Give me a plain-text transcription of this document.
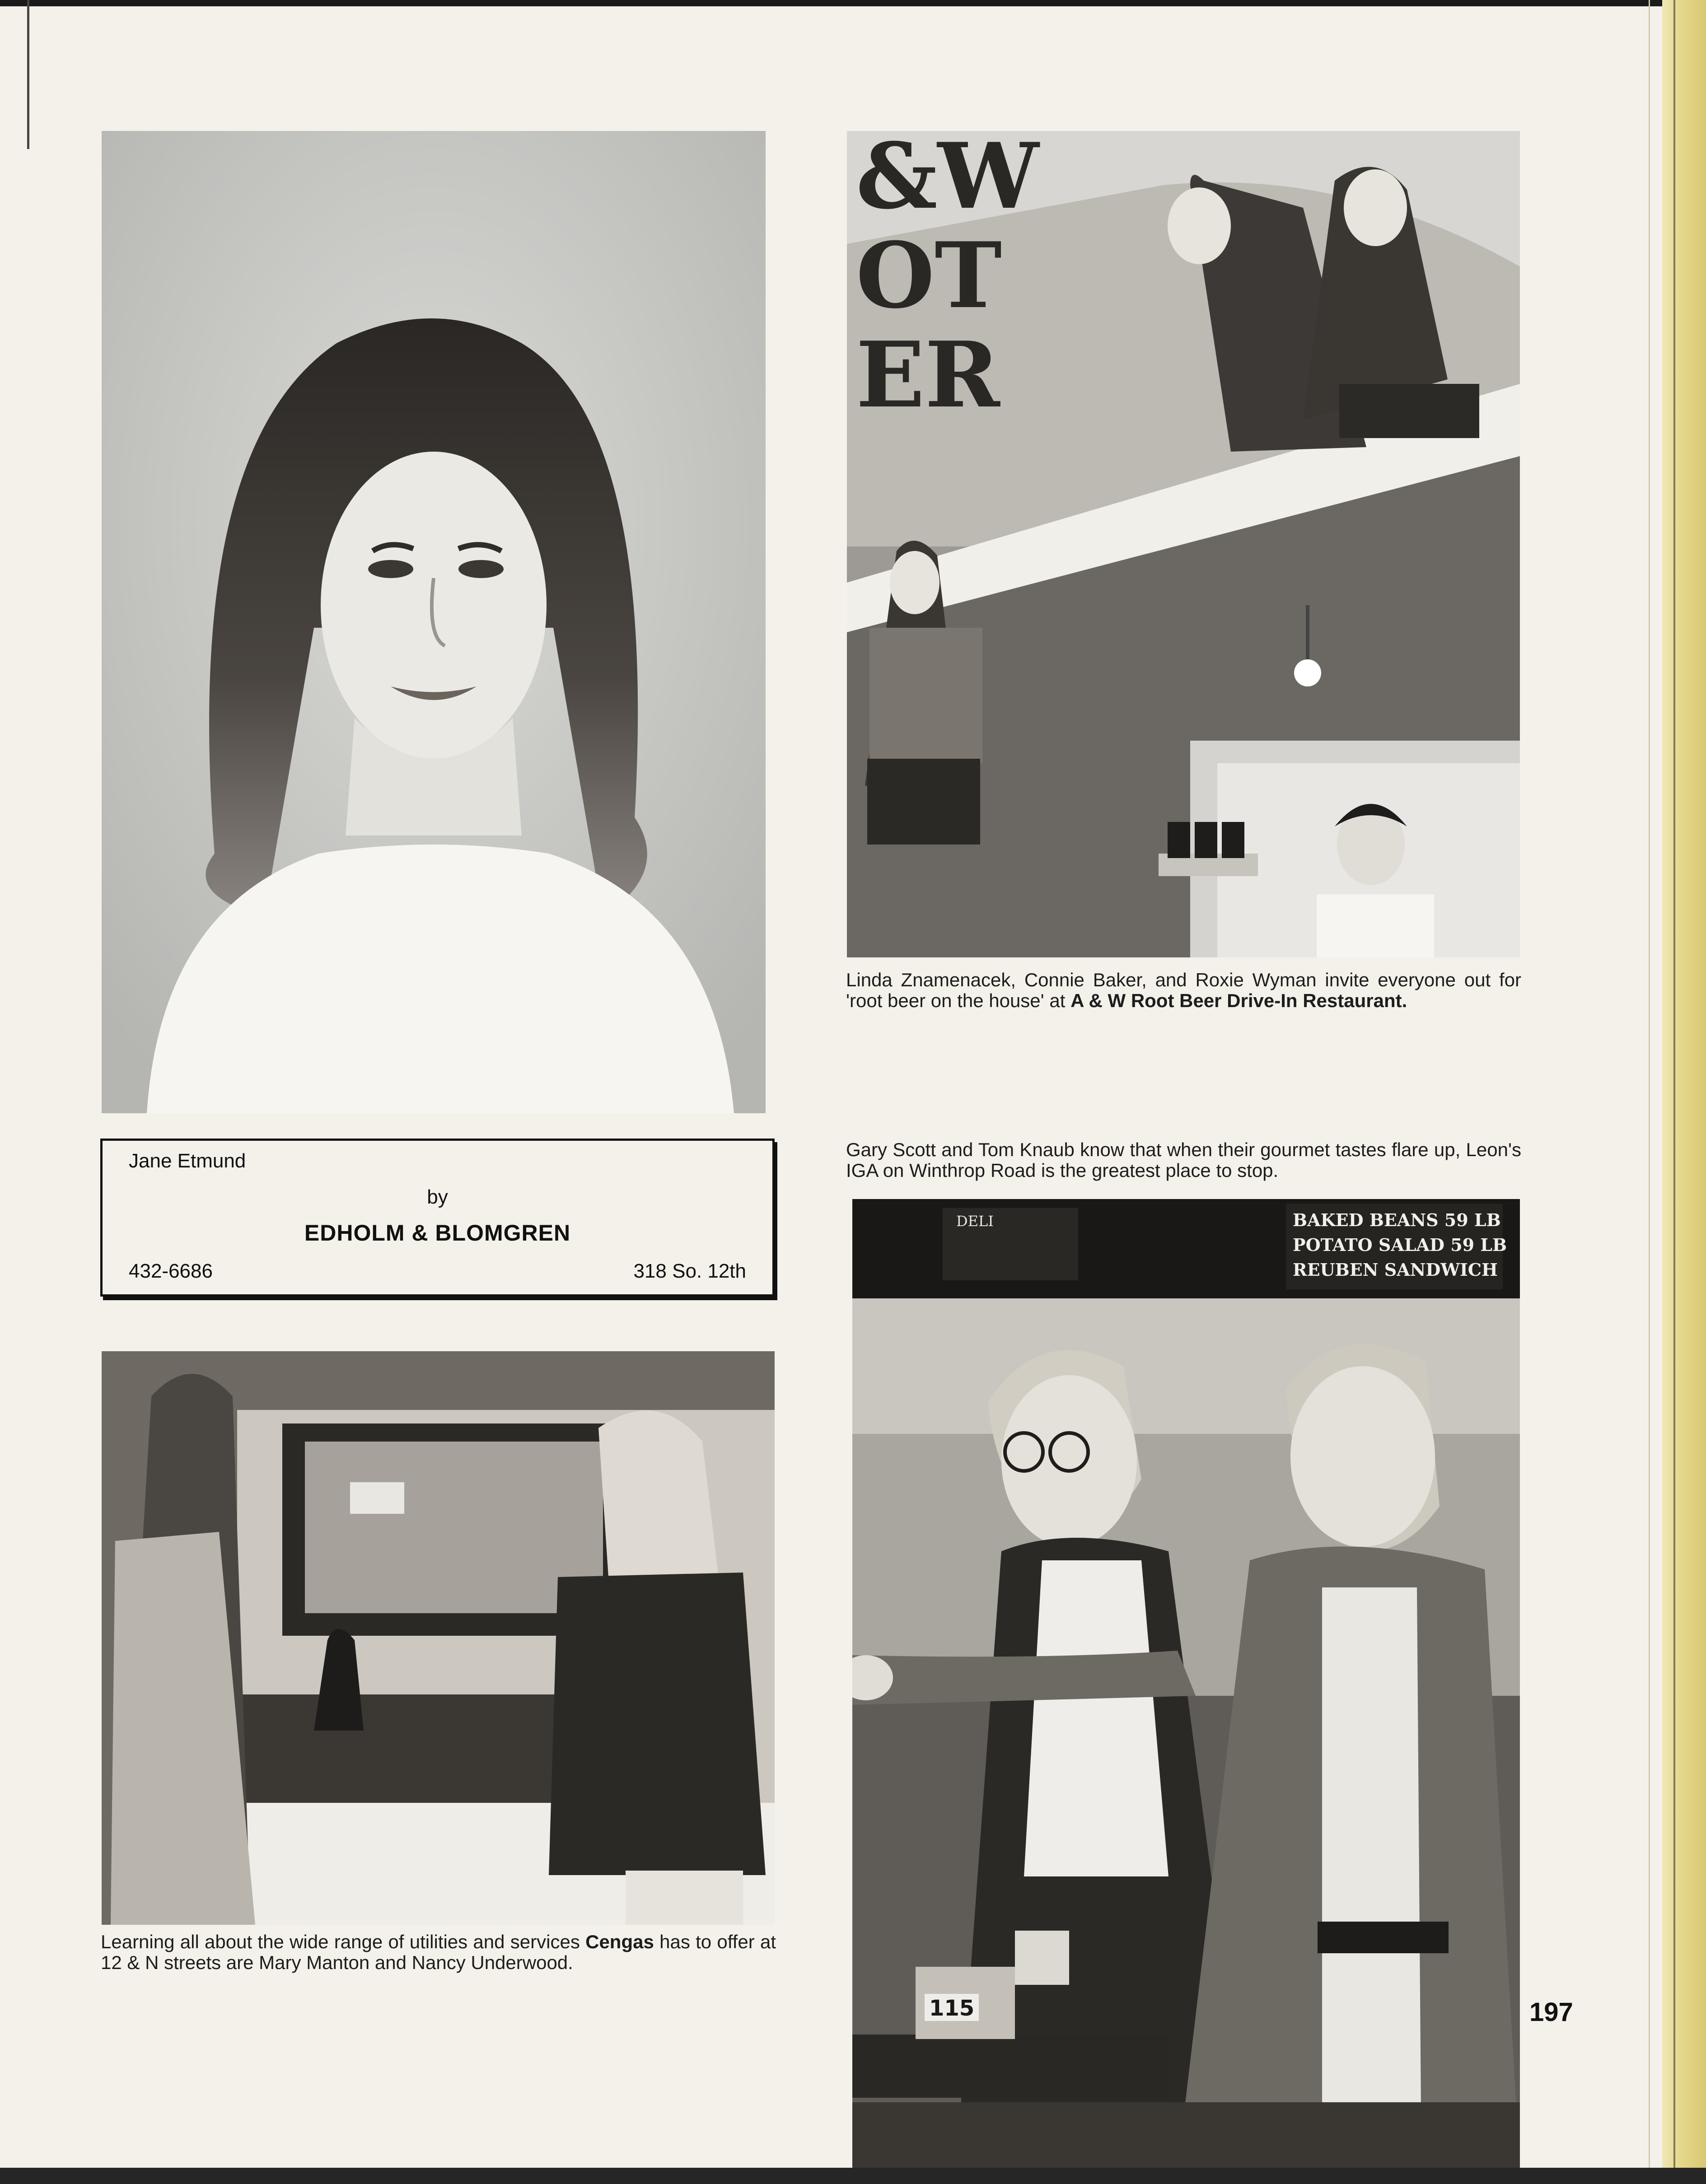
&W
OT
ER
Linda Znamenacek, Connie Baker, and Roxie Wyman invite everyone out for 'root beer on the house' at A & W Root Beer Drive-In Restaurant.
Jane Etmund
by
EDHOLM & BLOMGREN
432-6686	318 So. 12th
Gary Scott and Tom Knaub know that when their gourmet tastes flare up, Leon's IGA on Winthrop Road is the greatest place to stop.
DELI	BAKED BEANS 59 LB
POTATO SALAD 59 LB
REUBEN SANDWICH
115
Learning all about the wide range of utilities and services Cengas has to offer at 12 & N streets are Mary Manton and Nancy Underwood.
197
